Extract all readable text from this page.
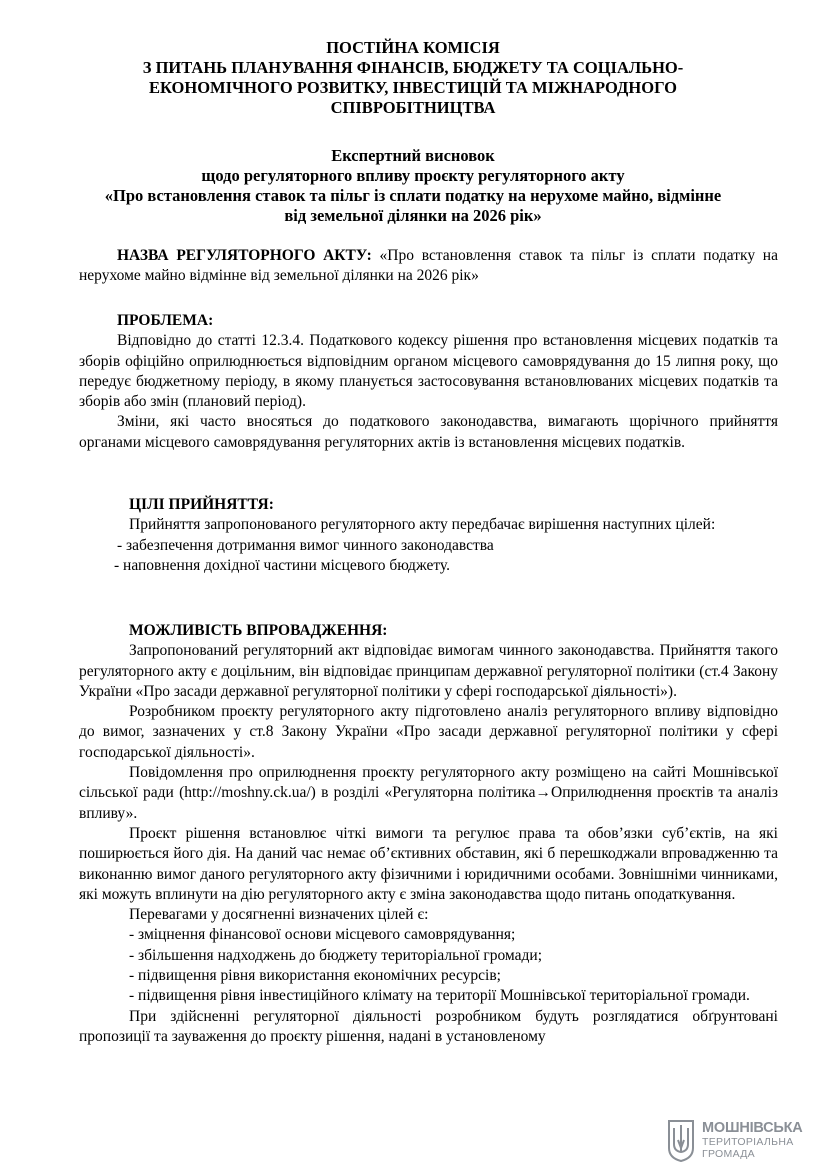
ПОСТІЙНА КОМІСІЯ
З ПИТАНЬ ПЛАНУВАННЯ ФІНАНСІВ, БЮДЖЕТУ ТА СОЦІАЛЬНО-
ЕКОНОМІЧНОГО РОЗВИТКУ, ІНВЕСТИЦІЙ ТА МІЖНАРОДНОГО
СПІВРОБІТНИЦТВА
Експертний висновок
щодо регуляторного впливу проєкту регуляторного акту
«Про встановлення ставок та пільг із сплати податку на нерухоме майно, відмінне
від земельної ділянки на 2026 рік»

НАЗВА РЕГУЛЯТОРНОГО АКТУ: «Про встановлення ставок та пільг із сплати податку на нерухоме майно відмінне від земельної ділянки на 2026 рік»

ПРОБЛЕМА:

Відповідно до статті 12.3.4. Податкового кодексу рішення про встановлення місцевих податків та зборів офіційно оприлюднюється відповідним органом місцевого самоврядування до 15 липня року, що передує бюджетному періоду, в якому планується застосовування встановлюваних місцевих податків та зборів або змін (плановий період).

Зміни, які часто вносяться до податкового законодавства, вимагають щорічного прийняття органами місцевого самоврядування регуляторних актів із встановлення місцевих податків.

ЦІЛІ ПРИЙНЯТТЯ:

Прийняття запропонованого регуляторного акту передбачає вирішення наступних цілей:

- забезпечення дотримання вимог чинного законодавства

- наповнення дохідної частини місцевого бюджету.

МОЖЛИВІСТЬ ВПРОВАДЖЕННЯ:

Запропонований регуляторний акт відповідає вимогам чинного законодавства. Прийняття такого регуляторного акту є доцільним, він відповідає принципам державної регуляторної політики (ст.4 Закону України «Про засади державної регуляторної політики у сфері господарської діяльності»).

Розробником проєкту регуляторного акту підготовлено аналіз регуляторного впливу відповідно до вимог, зазначених у ст.8 Закону України «Про засади державної регуляторної політики у сфері господарської діяльності».

Повідомлення про оприлюднення проєкту регуляторного акту розміщено на сайті Мошнівської сільської ради (http://moshny.ck.ua/) в розділі «Регуляторна політика→Оприлюднення проєктів та аналіз впливу».

Проєкт рішення встановлює чіткі вимоги та регулює права та обов’язки суб’єктів, на які поширюється його дія. На даний час немає об’єктивних обставин, які б перешкоджали впровадженню та виконанню вимог даного регуляторного акту фізичними і юридичними особами. Зовнішніми чинниками, які можуть вплинути на дію регуляторного акту є зміна законодавства щодо питань оподаткування.

Перевагами у досягненні визначених цілей є:

- зміцнення фінансової основи місцевого самоврядування;

- збільшення надходжень до бюджету територіальної громади;

- підвищення рівня використання економічних ресурсів;

- підвищення рівня інвестиційного клімату на території Мошнівської територіальної громади.

При здійсненні регуляторної діяльності розробником будуть розглядатися обґрунтовані пропозиції та зауваження до проєкту рішення, надані в установленому

МОШНІВСЬКА
ТЕРИТОРІАЛЬНА
ГРОМАДА
